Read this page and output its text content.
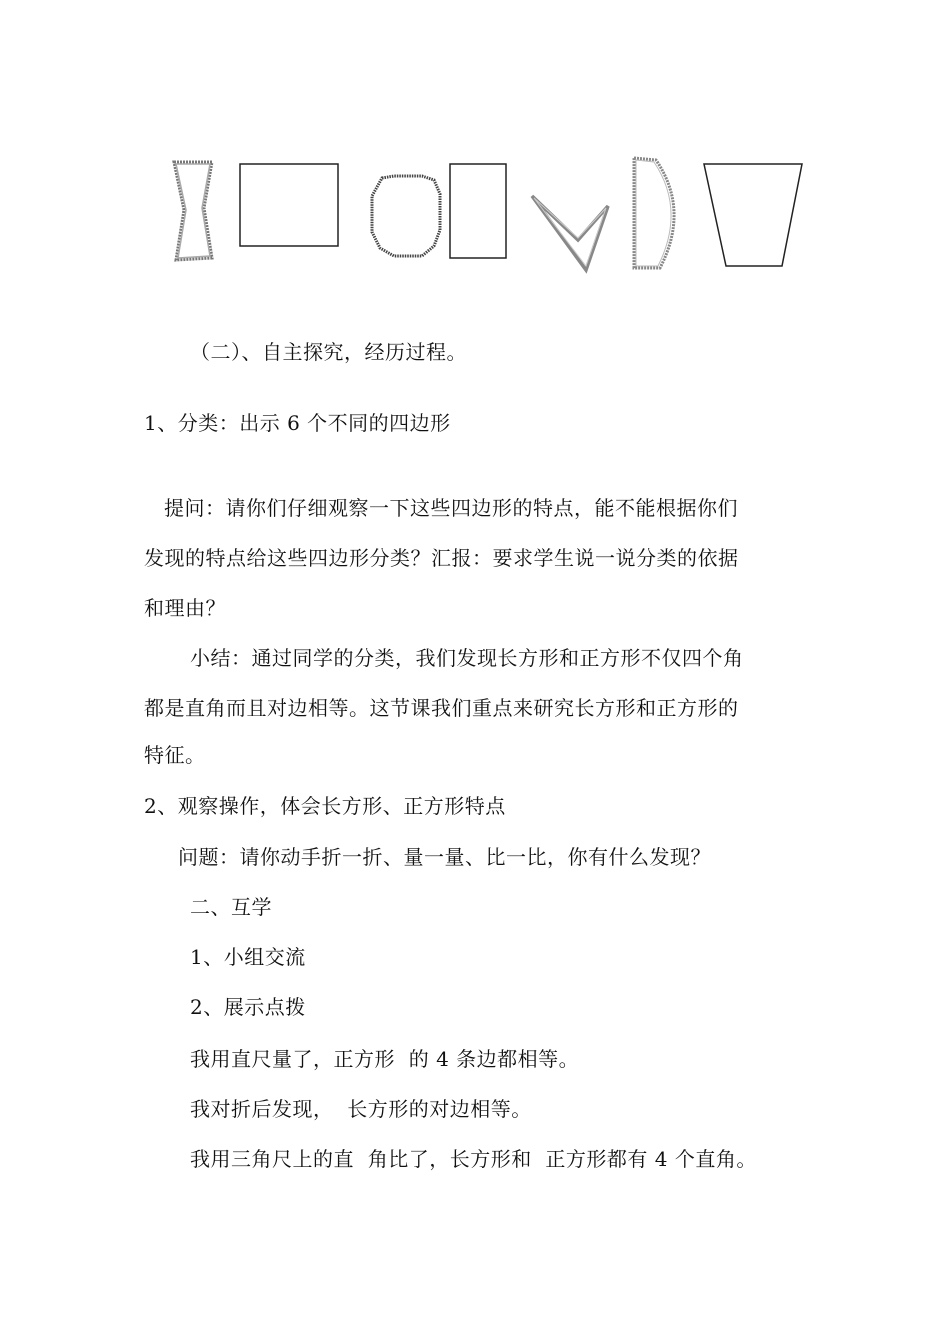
（二）、自主探究，经历过程。
1、分类：出示 6 个不同的四边形
提问：请你们仔细观察一下这些四边形的特点，能不能根据你们
发现的特点给这些四边形分类？汇报：要求学生说一说分类的依据
和理由？
小结：通过同学的分类，我们发现长方形和正方形不仅四个角
都是直角而且对边相等。这节课我们重点来研究长方形和正方形的
特征。
2、观察操作，体会长方形、正方形特点
问题：请你动手折一折、量一量、比一比，你有什么发现？
二、互学
1、小组交流
2、展示点拨
我用直尺量了，正方形  的 4 条边都相等。
我对折后发现，  长方形的对边相等。
我用三角尺上的直  角比了，长方形和  正方形都有 4 个直角。
